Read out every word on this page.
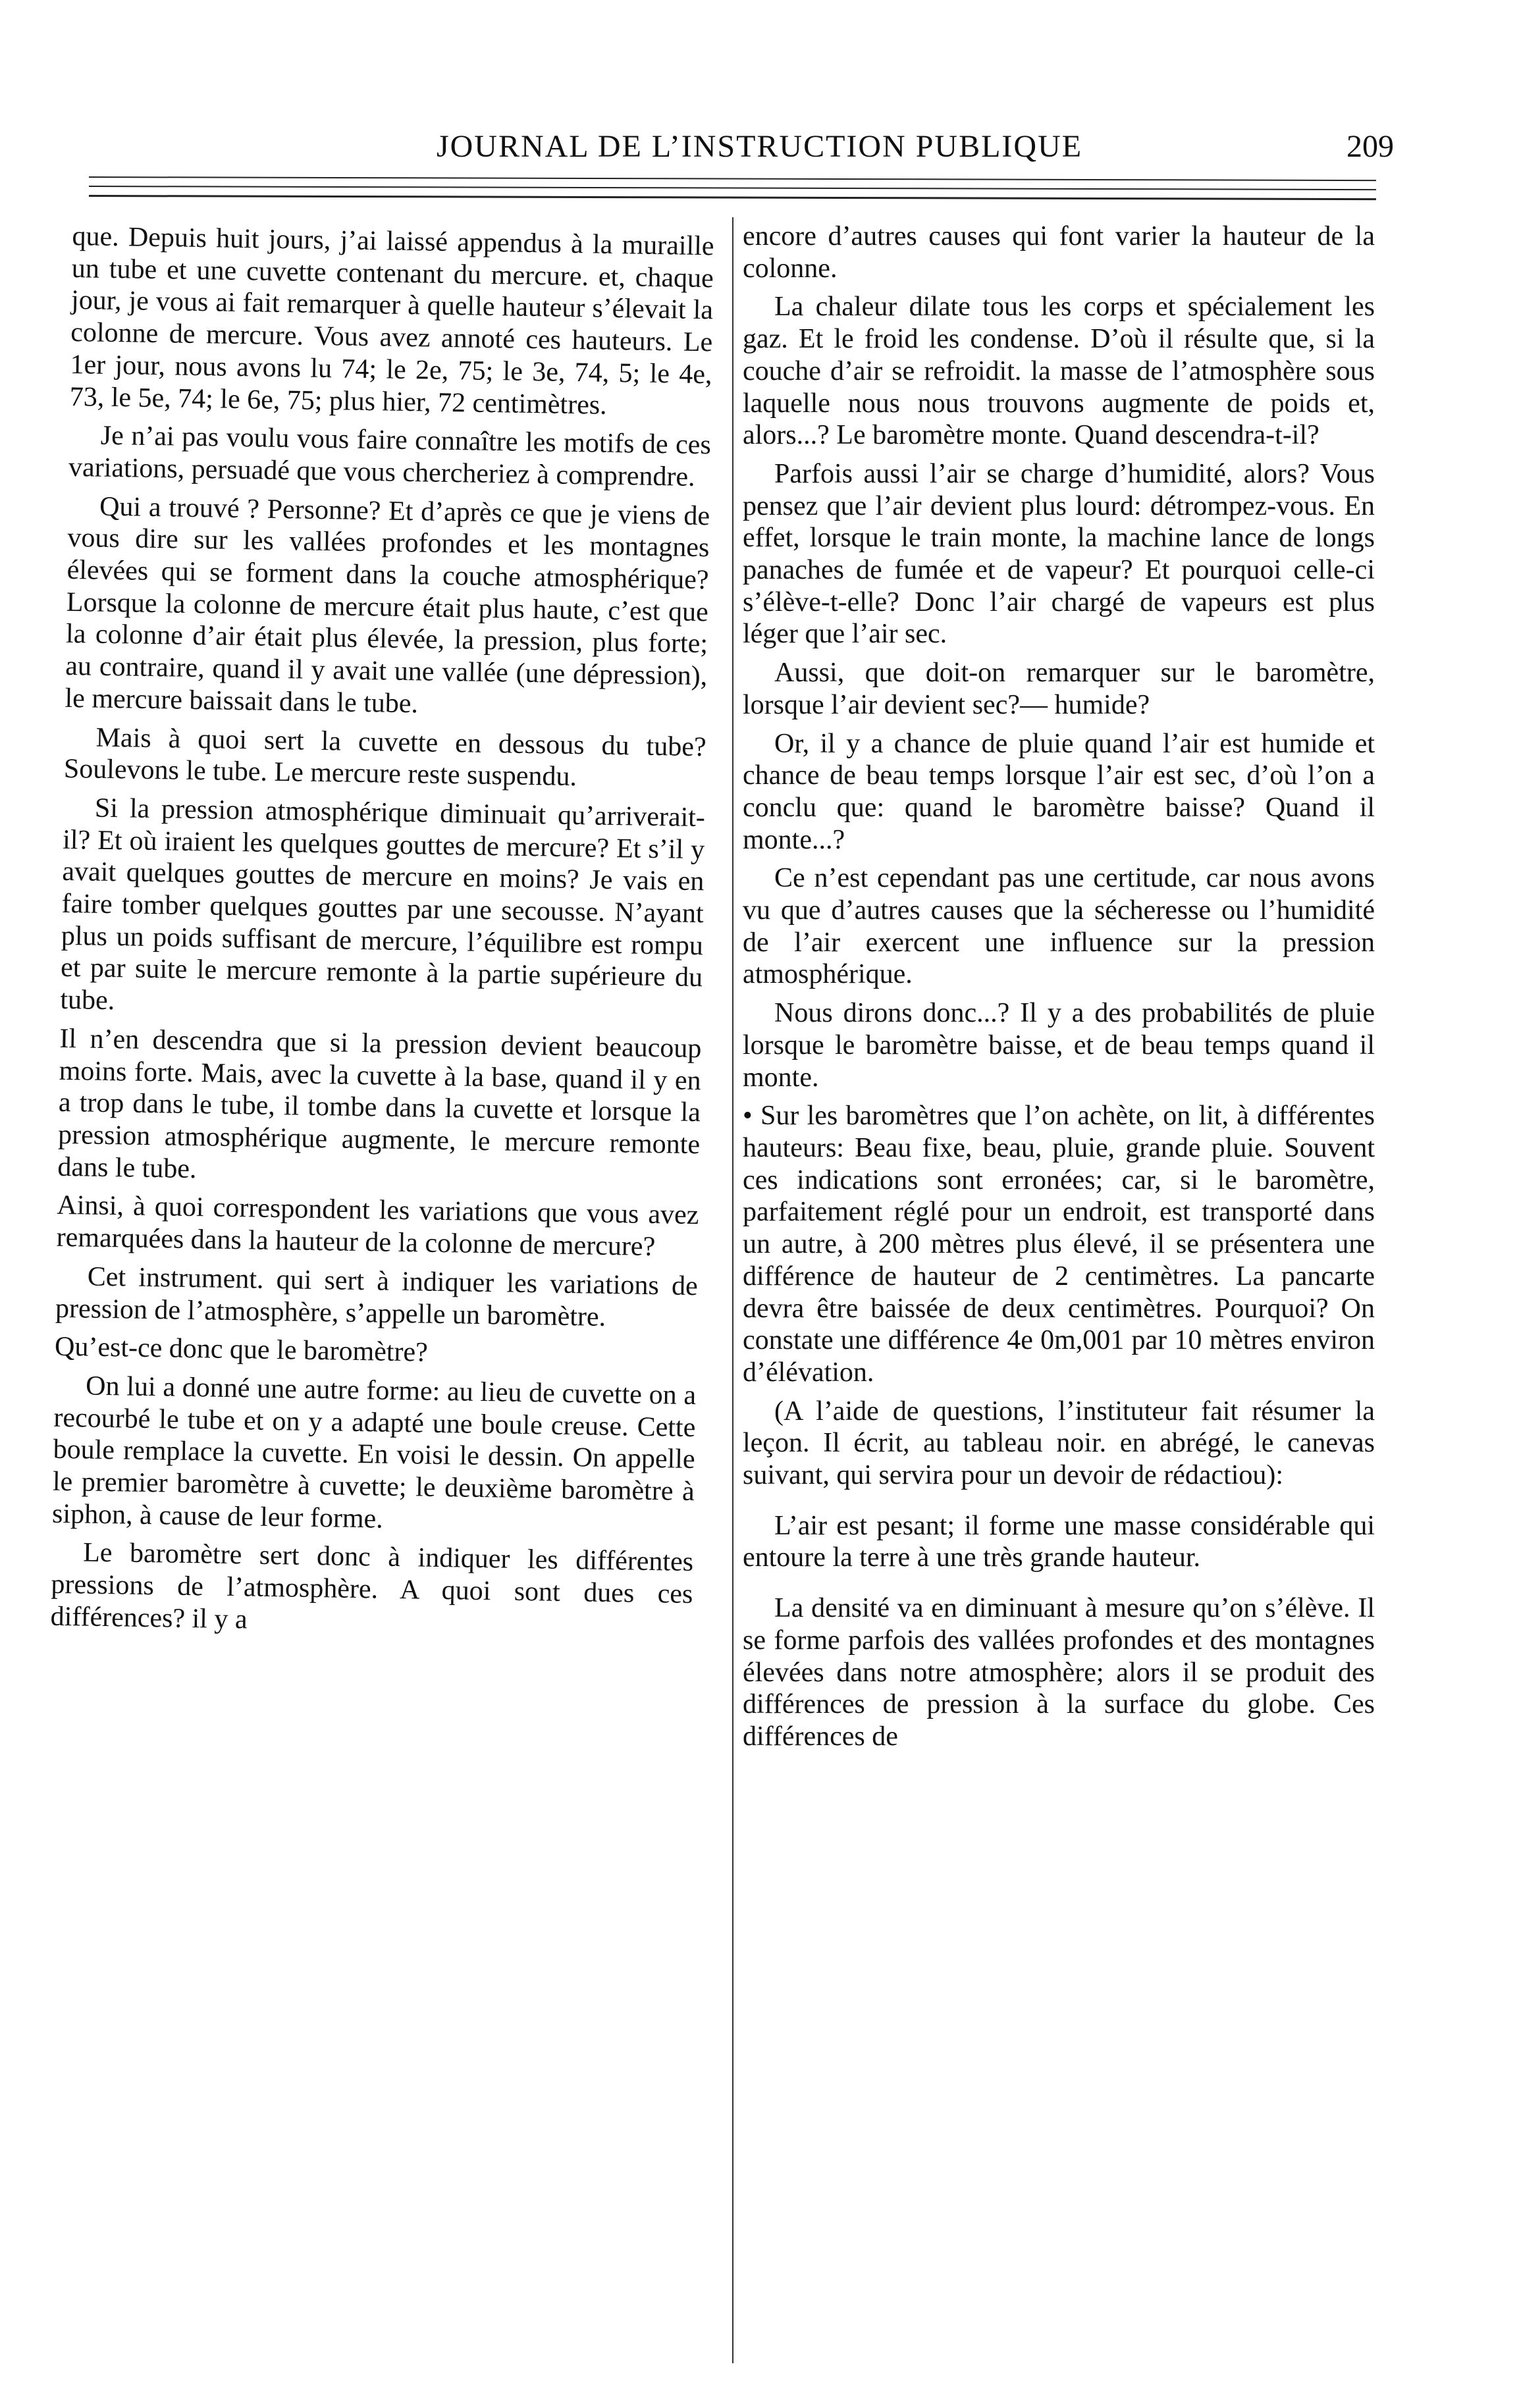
JOURNAL DE L’INSTRUCTION PUBLIQUE	209

que. Depuis huit jours, j’ai laissé appendus à la muraille un tube et une cuvette contenant du mercure. et, chaque jour, je vous ai fait remarquer à quelle hauteur s’élevait la colonne de mercure. Vous avez annoté ces hauteurs. Le 1er jour, nous avons lu 74; le 2e, 75; le 3e, 74, 5; le 4e, 73, le 5e, 74; le 6e, 75; plus hier, 72 centimètres.

Je n’ai pas voulu vous faire connaître les motifs de ces variations, persuadé que vous chercheriez à comprendre.

Qui a trouvé ? Personne? Et d’après ce que je viens de vous dire sur les vallées profondes et les montagnes élevées qui se forment dans la couche atmosphérique? Lorsque la colonne de mercure était plus haute, c’est que la colonne d’air était plus élevée, la pression, plus forte; au contraire, quand il y avait une vallée (une dépression), le mercure baissait dans le tube.

Mais à quoi sert la cuvette en dessous du tube? Soulevons le tube. Le mercure reste suspendu.

Si la pression atmosphérique diminuait qu’arriverait-il? Et où iraient les quelques gouttes de mercure? Et s’il y avait quelques gouttes de mercure en moins? Je vais en faire tomber quelques gouttes par une secousse. N’ayant plus un poids suffisant de mercure, l’équilibre est rompu et par suite le mercure remonte à la partie supérieure du tube.

Il n’en descendra que si la pression devient beaucoup moins forte. Mais, avec la cuvette à la base, quand il y en a trop dans le tube, il tombe dans la cuvette et lorsque la pression atmosphérique augmente, le mercure remonte dans le tube.

Ainsi, à quoi correspondent les variations que vous avez remarquées dans la hauteur de la colonne de mercure?

Cet instrument. qui sert à indiquer les variations de pression de l’atmosphère, s’appelle un baromètre.

Qu’est-ce donc que le baromètre?

On lui a donné une autre forme: au lieu de cuvette on a recourbé le tube et on y a adapté une boule creuse. Cette boule remplace la cuvette. En voisi le dessin. On appelle le premier baromètre à cuvette; le deuxième baromètre à siphon, à cause de leur forme.

Le baromètre sert donc à indiquer les différentes pressions de l’atmosphère. A quoi sont dues ces différences? il y a

encore d’autres causes qui font varier la hauteur de la colonne.

La chaleur dilate tous les corps et spécialement les gaz. Et le froid les condense. D’où il résulte que, si la couche d’air se refroidit. la masse de l’atmosphère sous laquelle nous nous trouvons augmente de poids et, alors...? Le baromètre monte. Quand descendra-t-il?

Parfois aussi l’air se charge d’humidité, alors? Vous pensez que l’air devient plus lourd: détrompez-vous. En effet, lorsque le train monte, la machine lance de longs panaches de fumée et de vapeur? Et pourquoi celle-ci s’élève-t-elle? Donc l’air chargé de vapeurs est plus léger que l’air sec.

Aussi, que doit-on remarquer sur le baromètre, lorsque l’air devient sec?— humide?

Or, il y a chance de pluie quand l’air est humide et chance de beau temps lorsque l’air est sec, d’où l’on a conclu que: quand le baromètre baisse? Quand il monte...?

Ce n’est cependant pas une certitude, car nous avons vu que d’autres causes que la sécheresse ou l’humidité de l’air exercent une influence sur la pression atmosphérique.

Nous dirons donc...? Il y a des probabilités de pluie lorsque le baromètre baisse, et de beau temps quand il monte.

• Sur les baromètres que l’on achète, on lit, à différentes hauteurs: Beau fixe, beau, pluie, grande pluie. Souvent ces indications sont erronées; car, si le baromètre, parfaitement réglé pour un endroit, est transporté dans un autre, à 200 mètres plus élevé, il se présentera une différence de hauteur de 2 centimètres. La pancarte devra être baissée de deux centimètres. Pourquoi? On constate une différence 4e 0m,001 par 10 mètres environ d’élévation.

(A l’aide de questions, l’instituteur fait résumer la leçon. Il écrit, au tableau noir. en abrégé, le canevas suivant, qui servira pour un devoir de rédactiou):

L’air est pesant; il forme une masse considérable qui entoure la terre à une très grande hauteur.

La densité va en diminuant à mesure qu’on s’élève. Il se forme parfois des vallées profondes et des montagnes élevées dans notre atmosphère; alors il se produit des différences de pression à la surface du globe. Ces différences de
